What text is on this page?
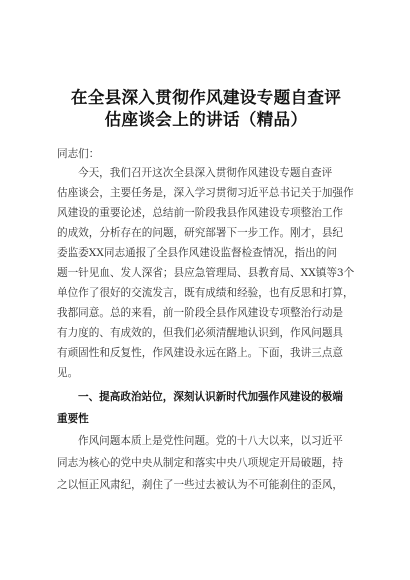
在全县深入贯彻作风建设专题自查评
估座谈会上的讲话（精品）
同志们：
今天，我们召开这次全县深入贯彻作风建设专题自查评
估座谈会，主要任务是，深入学习贯彻习近平总书记关于加强作
风建设的重要论述，总结前一阶段我县作风建设专项整治工作
的成效，分析存在的问题，研究部署下一步工作。刚才，县纪
委监委XX同志通报了全县作风建设监督检查情况，指出的问
题一针见血、发人深省；县应急管理局、县教育局、XX镇等3个
单位作了很好的交流发言，既有成绩和经验，也有反思和打算，
我都同意。总的来看，前一阶段全县作风建设专项整治行动是
有力度的、有成效的，但我们必须清醒地认识到，作风问题具
有顽固性和反复性，作风建设永远在路上。下面，我讲三点意
见。
一、提高政治站位，深刻认识新时代加强作风建设的极端
重要性
作风问题本质上是党性问题。党的十八大以来，以习近平
同志为核心的党中央从制定和落实中央八项规定开局破题，持
之以恒正风肃纪，刹住了一些过去被认为不可能刹住的歪风，
